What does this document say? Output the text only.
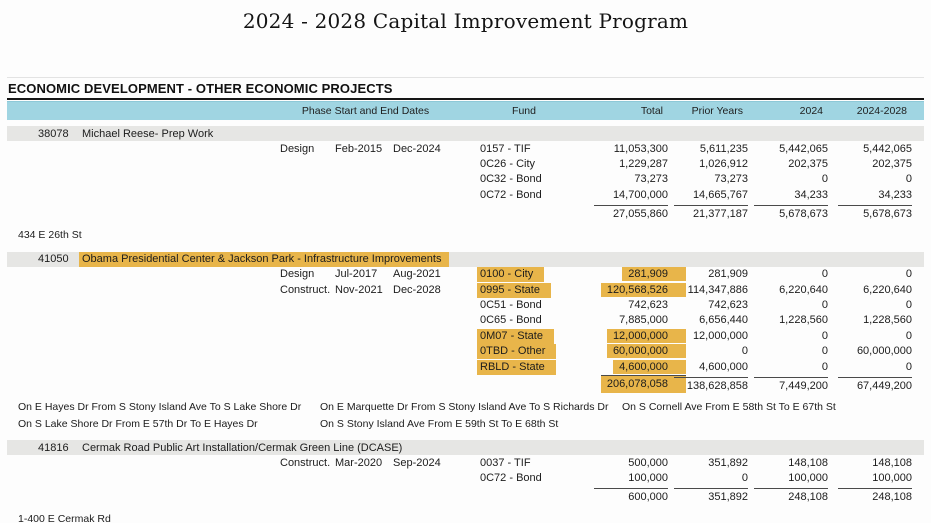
2024 - 2028 Capital Improvement Program
ECONOMIC DEVELOPMENT - OTHER ECONOMIC PROJECTS
Phase Start and End Dates	Fund	Total	Prior Years	2024	2024-2028
38078	Michael Reese- Prep Work
Design	Feb-2015 Dec-2024	0157 - TIF	11,053,300	5,611,235	5,442,065	5,442,065
0C26 - City	1,229,287	1,026,912	202,375	202,375
0C32 - Bond	73,273	73,273	0	0
0C72 - Bond	14,700,000	14,665,767	34,233	34,233
27,055,860	21,377,187	5,678,673	5,678,673
434 E 26th St
41050	Obama Presidential Center & Jackson Park - Infrastructure Improvements
Design	Jul-2017	Aug-2021	0100 - City	281,909	281,909	0	0
Construct. Nov-2021 Dec-2028	0995 - State	120,568,526	114,347,886	6,220,640	6,220,640
0C51 - Bond	742,623	742,623	0	0
0C65 - Bond	7,885,000	6,656,440	1,228,560	1,228,560
0M07 - State	12,000,000	12,000,000	0	0
0TBD - Other	60,000,000	0	0	60,000,000
RBLD - State	4,600,000	4,600,000	0	0
206,078,058	138,628,858	7,449,200	67,449,200
On E Hayes Dr From S Stony Island Ave To S Lake Shore Dr	On E Marquette Dr From S Stony Island Ave To S Richards Dr	On S Cornell Ave From E 58th St To E 67th St
On S Lake Shore Dr From E 57th Dr To E Hayes Dr	On S Stony Island Ave From E 59th St To E 68th St
41816	Cermak Road Public Art Installation/Cermak Green Line (DCASE)
Construct. Mar-2020 Sep-2024	0037 - TIF	500,000	351,892	148,108	148,108
0C72 - Bond	100,000	0	100,000	100,000
600,000	351,892	248,108	248,108
1-400 E Cermak Rd
